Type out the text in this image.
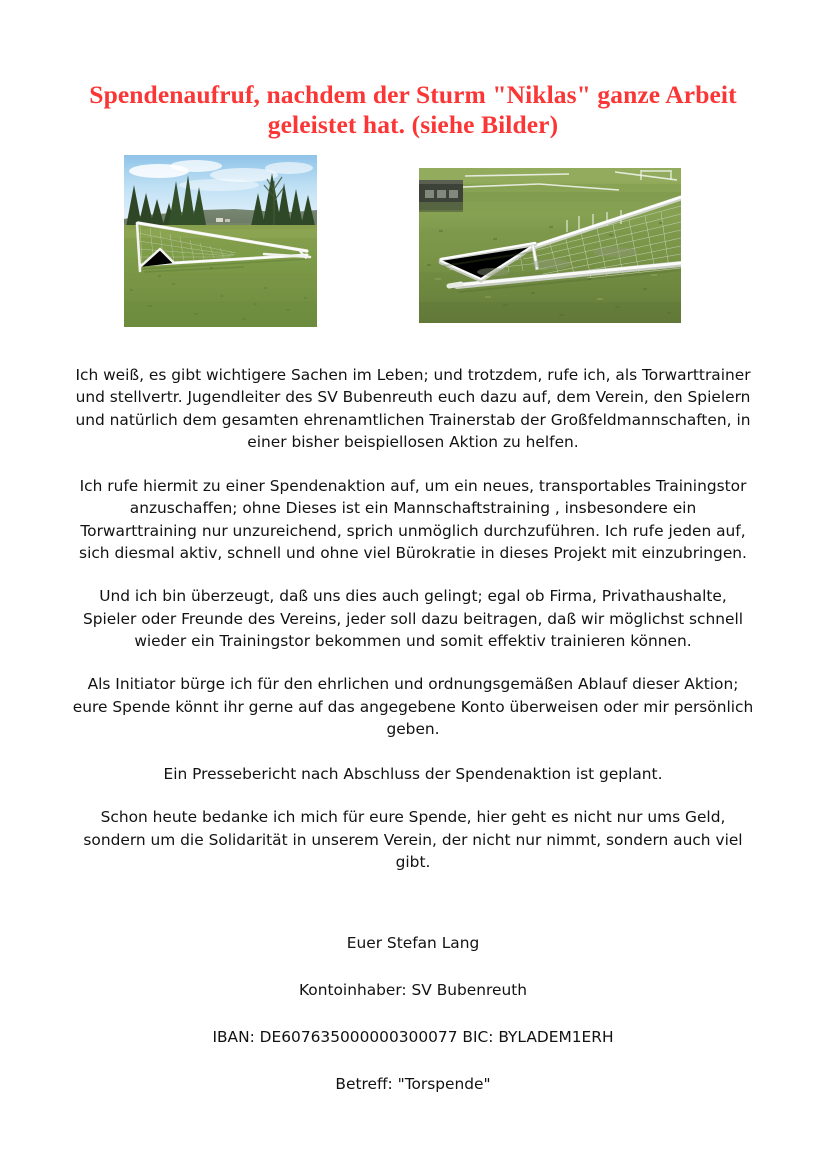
Spendenaufruf, nachdem der Sturm "Niklas" ganze Arbeit
geleistet hat. (siehe Bilder)

Ich weiß, es gibt wichtigere Sachen im Leben; und trotzdem, rufe ich, als Torwarttrainer und stellvertr. Jugendleiter des SV Bubenreuth euch dazu auf, dem Verein, den Spielern und natürlich dem gesamten ehrenamtlichen Trainerstab der Großfeldmannschaften, in einer bisher beispiellosen Aktion zu helfen.

Ich rufe hiermit zu einer Spendenaktion auf, um ein neues, transportables Trainingstor anzuschaffen; ohne Dieses ist ein Mannschaftstraining , insbesondere ein Torwarttraining nur unzureichend, sprich unmöglich durchzuführen. Ich rufe jeden auf, sich diesmal aktiv, schnell und ohne viel Bürokratie in dieses Projekt mit einzubringen.

Und ich bin überzeugt, daß uns dies auch gelingt; egal ob Firma, Privathaushalte, Spieler oder Freunde des Vereins, jeder soll dazu beitragen, daß wir möglichst schnell wieder ein Trainingstor bekommen und somit effektiv trainieren können.

Als Initiator bürge ich für den ehrlichen und ordnungsgemäßen Ablauf dieser Aktion; eure Spende könnt ihr gerne auf das angegebene Konto überweisen oder mir persönlich geben.

Ein Pressebericht nach Abschluss der Spendenaktion ist geplant.

Schon heute bedanke ich mich für eure Spende, hier geht es nicht nur ums Geld, sondern um die Solidarität in unserem Verein, der nicht nur nimmt, sondern auch viel gibt.

Euer Stefan Lang
Kontoinhaber: SV Bubenreuth
IBAN: DE607635000000300077 BIC: BYLADEM1ERH
Betreff: "Torspende"
